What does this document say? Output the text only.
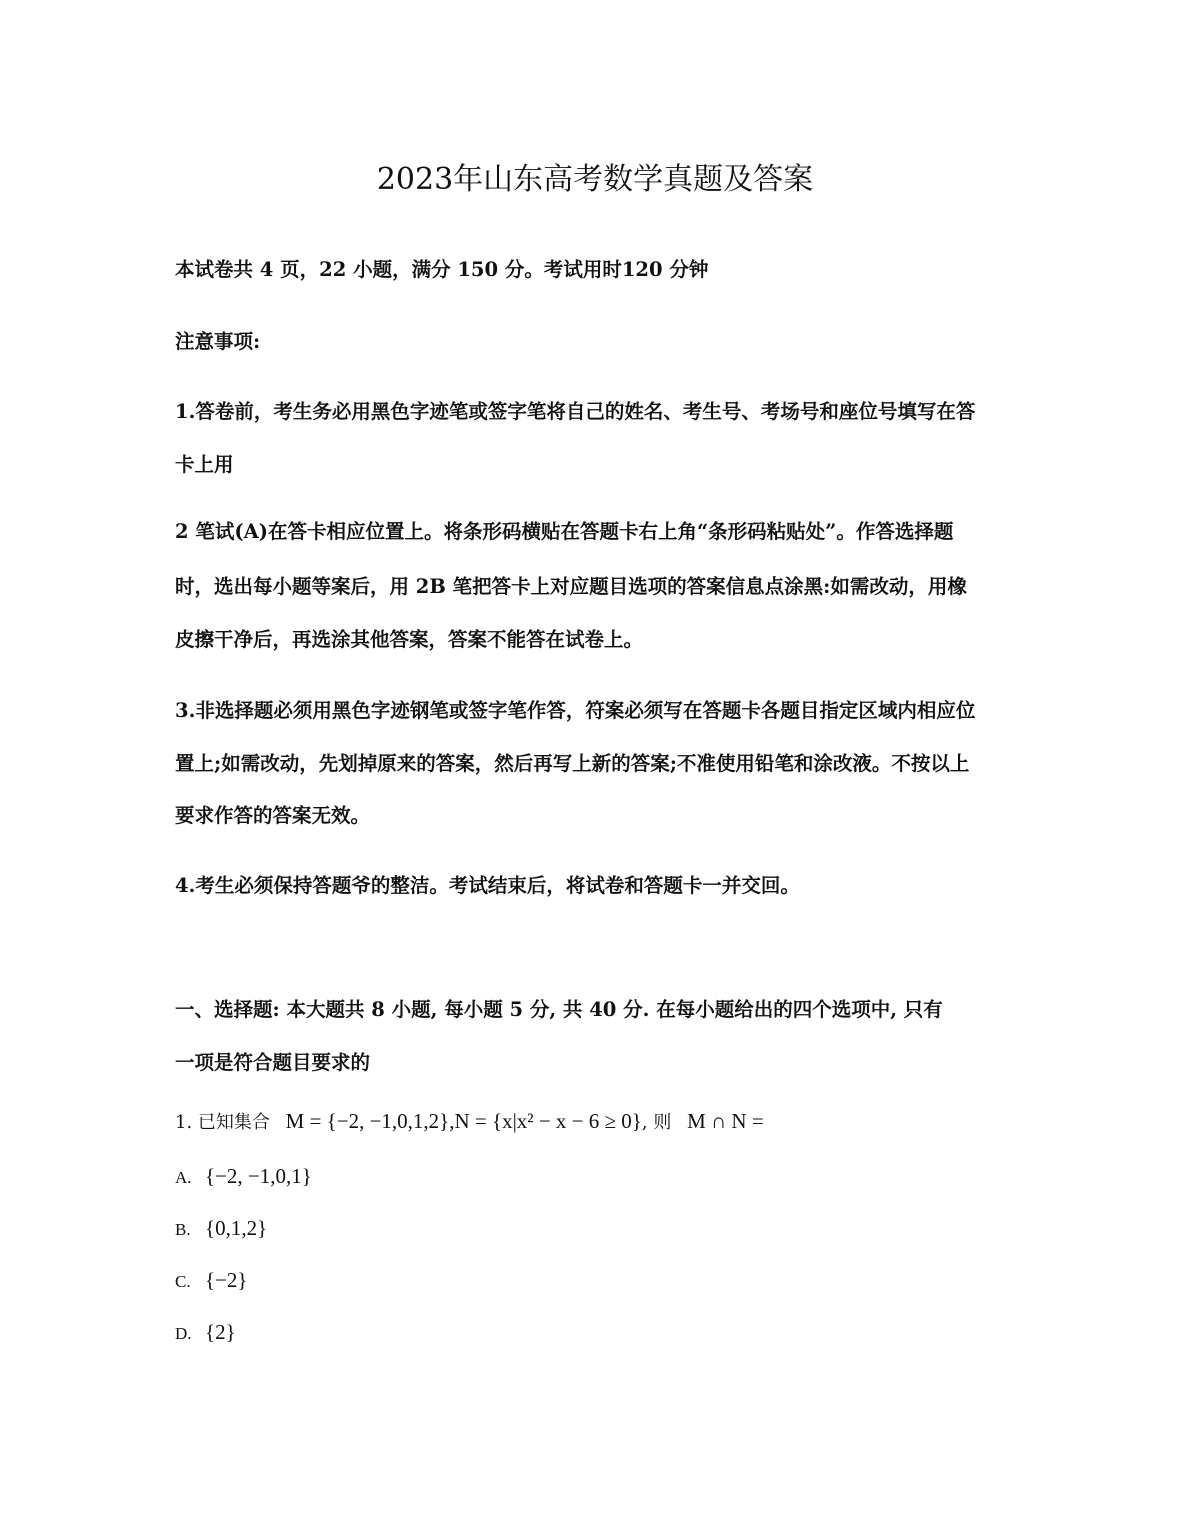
2023年山东高考数学真题及答案
本试卷共 4 页，22 小题，满分 150 分。考试用时120 分钟
注意事项:
1.答卷前，考生务必用黑色字迹笔或签字笔将自己的姓名、考生号、考场号和座位号填写在答
卡上用
2 笔试(A)在答卡相应位置上。将条形码横贴在答题卡右上角“条形码粘贴处”。作答选择题
时，选出每小题等案后，用 2B 笔把答卡上对应题目选项的答案信息点涂黑:如需改动，用橡
皮擦干净后，再选涂其他答案，答案不能答在试卷上。
3.非选择题必须用黑色字迹钢笔或签字笔作答，符案必须写在答题卡各题目指定区域内相应位
置上;如需改动，先划掉原来的答案，然后再写上新的答案;不准使用铅笔和涂改液。不按以上
要求作答的答案无效。
4.考生必须保持答题爷的整洁。考试结束后，将试卷和答题卡一并交回。
一、选择题: 本大题共 8 小题, 每小题 5 分, 共 40 分. 在每小题给出的四个选项中, 只有
一项是符合题目要求的
1. 已知集合 M = {−2, −1,0,1,2},N = {x|x² − x − 6 ≥ 0}, 则 M ∩ N =
A. {−2, −1,0,1}
B. {0,1,2}
C. {−2}
D. {2}
